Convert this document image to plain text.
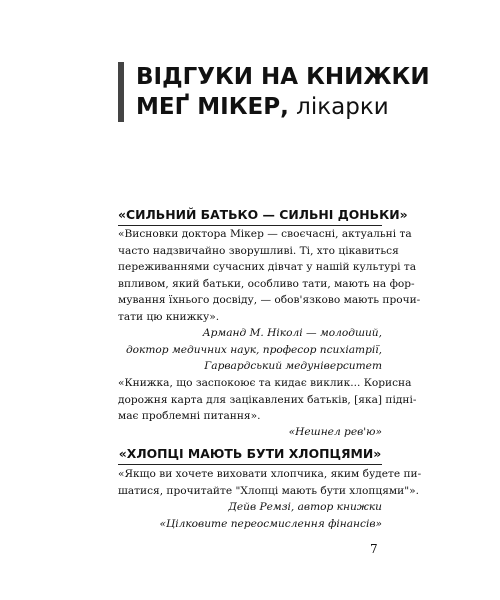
ВІДГУКИ НА КНИЖКИ
МЕҐ МІКЕР, лікарки
«СИЛЬНИЙ БАТЬКО — СИЛЬНІ ДОНЬКИ»
«Висновки доктора Мікер — своєчасні, актуальні та
часто надзвичайно зворушливі. Ті, хто цікавиться
переживаннями сучасних дівчат у нашій культурі та
впливом, який батьки, особливо тати, мають на фор-
мування їхнього досвіду, — обов'язково мають прочи-
тати цю книжку».
Арманд М. Ніколі — молодший,
доктор медичних наук, професор психіатрії,
Гарвардський медуніверситет
«Книжка, що заспокоює та кидає виклик... Корисна
дорожня карта для зацікавлених батьків, [яка] підні-
має проблемні питання».
«Нешнел рев'ю»
«ХЛОПЦІ МАЮТЬ БУТИ ХЛОПЦЯМИ»
«Якщо ви хочете виховати хлопчика, яким будете пи-
шатися, прочитайте "Хлопці мають бути хлопцями"».
Дейв Ремзі, автор книжки
«Цілковите переосмислення фінансів»
7
